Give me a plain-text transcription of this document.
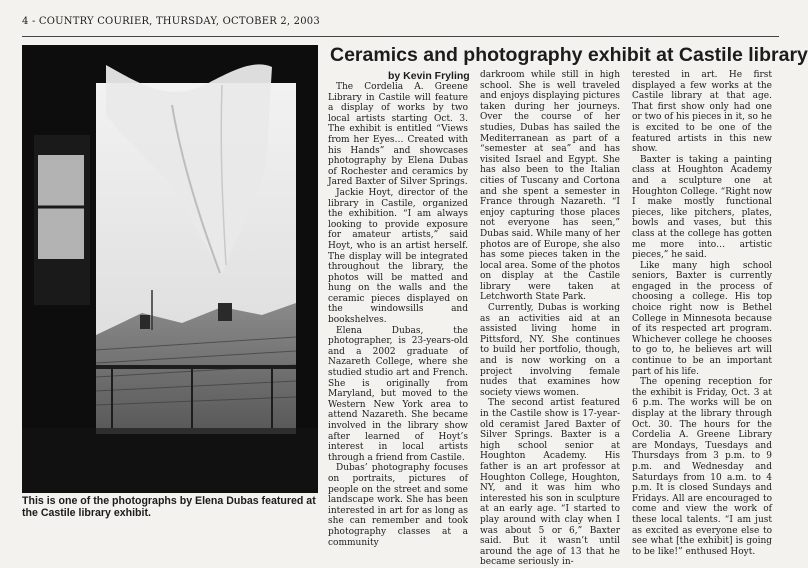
4 - COUNTRY COURIER, THURSDAY, OCTOBER 2, 2003
This is one of the photographs by Elena Dubas featured at the Castile library exhibit.
Ceramics and photography exhibit at Castile library
by Kevin Fryling

The Cordelia A. Greene Library in Castile will feature a display of works by two local artists starting Oct. 3. The exhibit is entitled “Views from her Eyes… Created with his Hands” and showcases photography by Elena Dubas of Rochester and ceramics by Jared Baxter of Silver Springs.

Jackie Hoyt, director of the library in Castile, organized the exhibition. “I am always looking to provide exposure for amateur artists,” said Hoyt, who is an artist herself. The display will be integrated throughout the library, the photos will be matted and hung on the walls and the ceramic pieces displayed on the windowsills and bookshelves.

Elena Dubas, the photographer, is 23-years-old and a 2002 graduate of Nazareth College, where she studied studio art and French. She is originally from Maryland, but moved to the Western New York area to attend Nazareth. She became involved in the library show after learned of Hoyt’s interest in local artists through a friend from Castile.

Dubas’ photography focuses on portraits, pictures of people on the street and some landscape work. She has been interested in art for as long as she can remember and took photography classes at a community

darkroom while still in high school. She is well traveled and enjoys displaying pictures taken during her journeys. Over the course of her studies, Dubas has sailed the Mediterranean as part of a “semester at sea” and has visited Israel and Egypt. She has also been to the Italian cities of Tuscany and Cortona and she spent a semester in France through Nazareth. “I enjoy capturing those places not everyone has seen,” Dubas said. While many of her photos are of Europe, she also has some pieces taken in the local area. Some of the photos on display at the Castile library were taken at Letchworth State Park.

Currently, Dubas is working as an activities aid at an assisted living home in Pittsford, NY. She continues to build her portfolio, though, and is now working on a project involving female nudes that examines how society views women.

The second artist featured in the Castile show is 17-year-old ceramist Jared Baxter of Silver Springs. Baxter is a high school senior at Houghton Academy. His father is an art professor at Houghton College, Houghton, NY, and it was him who interested his son in sculpture at an early age. “I started to play around with clay when I was about 5 or 6,” Baxter said. But it wasn’t until around the age of 13 that he became seriously in-

terested in art. He first displayed a few works at the Castile library at that age. That first show only had one or two of his pieces in it, so he is excited to be one of the featured artists in this new show.

Baxter is taking a painting class at Houghton Academy and a sculpture one at Houghton College. “Right now I make mostly functional pieces, like pitchers, plates, bowls and vases, but this class at the college has gotten me more into… artistic pieces,” he said.

Like many high school seniors, Baxter is currently engaged in the process of choosing a college. His top choice right now is Bethel College in Minnesota because of its respected art program. Whichever college he chooses to go to, he believes art will continue to be an important part of his life.

The opening reception for the exhibit is Friday, Oct. 3 at 6 p.m. The works will be on display at the library through Oct. 30. The hours for the Cordelia A. Greene Library are Mondays, Tuesdays and Thursdays from 3 p.m. to 9 p.m. and Wednesday and Saturdays from 10 a.m. to 4 p.m. It is closed Sundays and Fridays. All are encouraged to come and view the work of these local talents. “I am just as excited as everyone else to see what [the exhibit] is going to be like!” enthused Hoyt.
